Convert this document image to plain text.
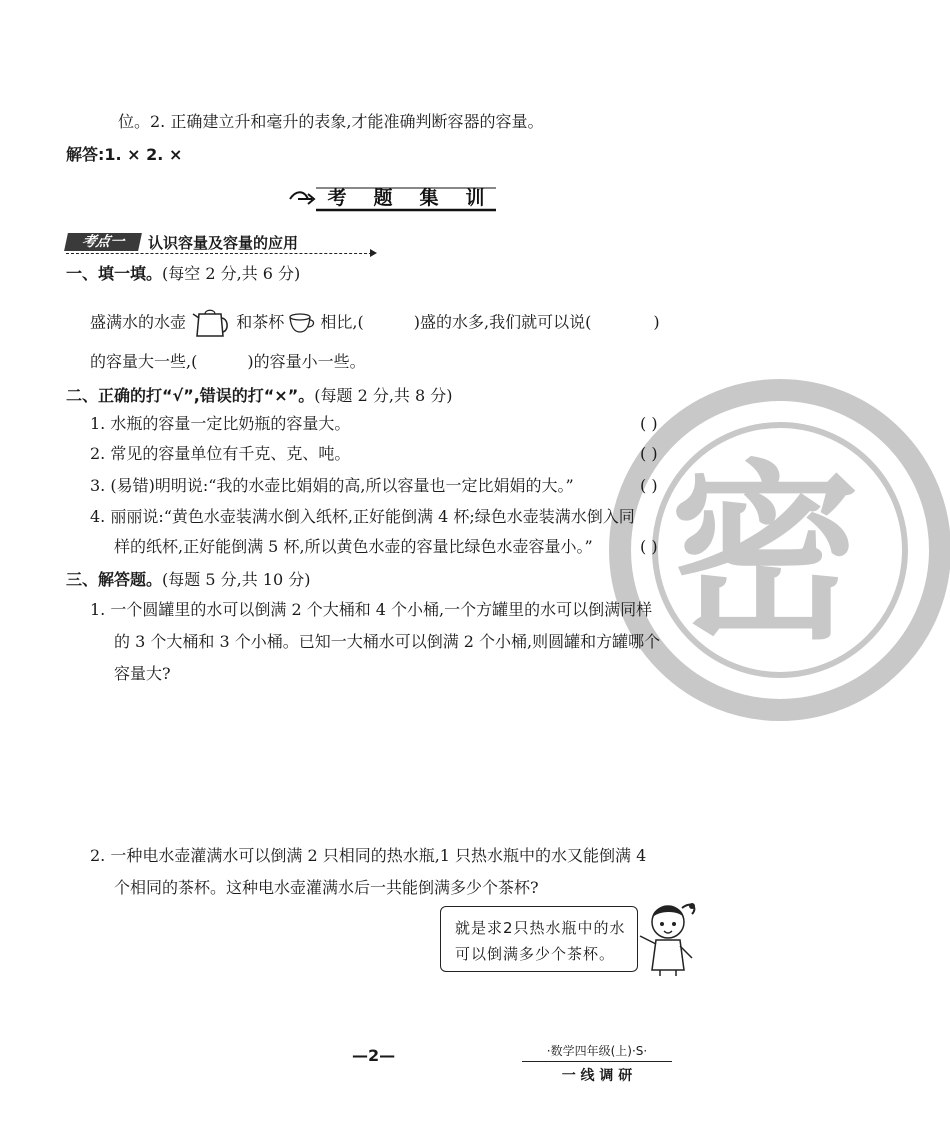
密
位。2. 正确建立升和毫升的表象,才能准确判断容器的容量。
解答:1. × 2. ×
考 题 集 训
考点一	认识容量及容量的应用
一、填一填。(每空 2 分,共 6 分)
盛满水的水壶	和茶杯 相比,(	)盛的水多,我们就可以说(	)
的容量大一些,(	)的容量小一些。
二、正确的打“√”,错误的打“×”。(每题 2 分,共 8 分)
1. 水瓶的容量一定比奶瓶的容量大。	( )
2. 常见的容量单位有千克、克、吨。	( )
3. (易错)明明说:“我的水壶比娟娟的高,所以容量也一定比娟娟的大。”	( )
4. 丽丽说:“黄色水壶装满水倒入纸杯,正好能倒满 4 杯;绿色水壶装满水倒入同
样的纸杯,正好能倒满 5 杯,所以黄色水壶的容量比绿色水壶容量小。”	( )
三、解答题。(每题 5 分,共 10 分)
1. 一个圆罐里的水可以倒满 2 个大桶和 4 个小桶,一个方罐里的水可以倒满同样
的 3 个大桶和 3 个小桶。已知一大桶水可以倒满 2 个小桶,则圆罐和方罐哪个
容量大?
2. 一种电水壶灌满水可以倒满 2 只相同的热水瓶,1 只热水瓶中的水又能倒满 4
个相同的茶杯。这种电水壶灌满水后一共能倒满多少个茶杯?
就是求2只热水瓶中的水
可以倒满多少个茶杯。
—2—	·数学四年级(上)·S·
一 线 调 研
